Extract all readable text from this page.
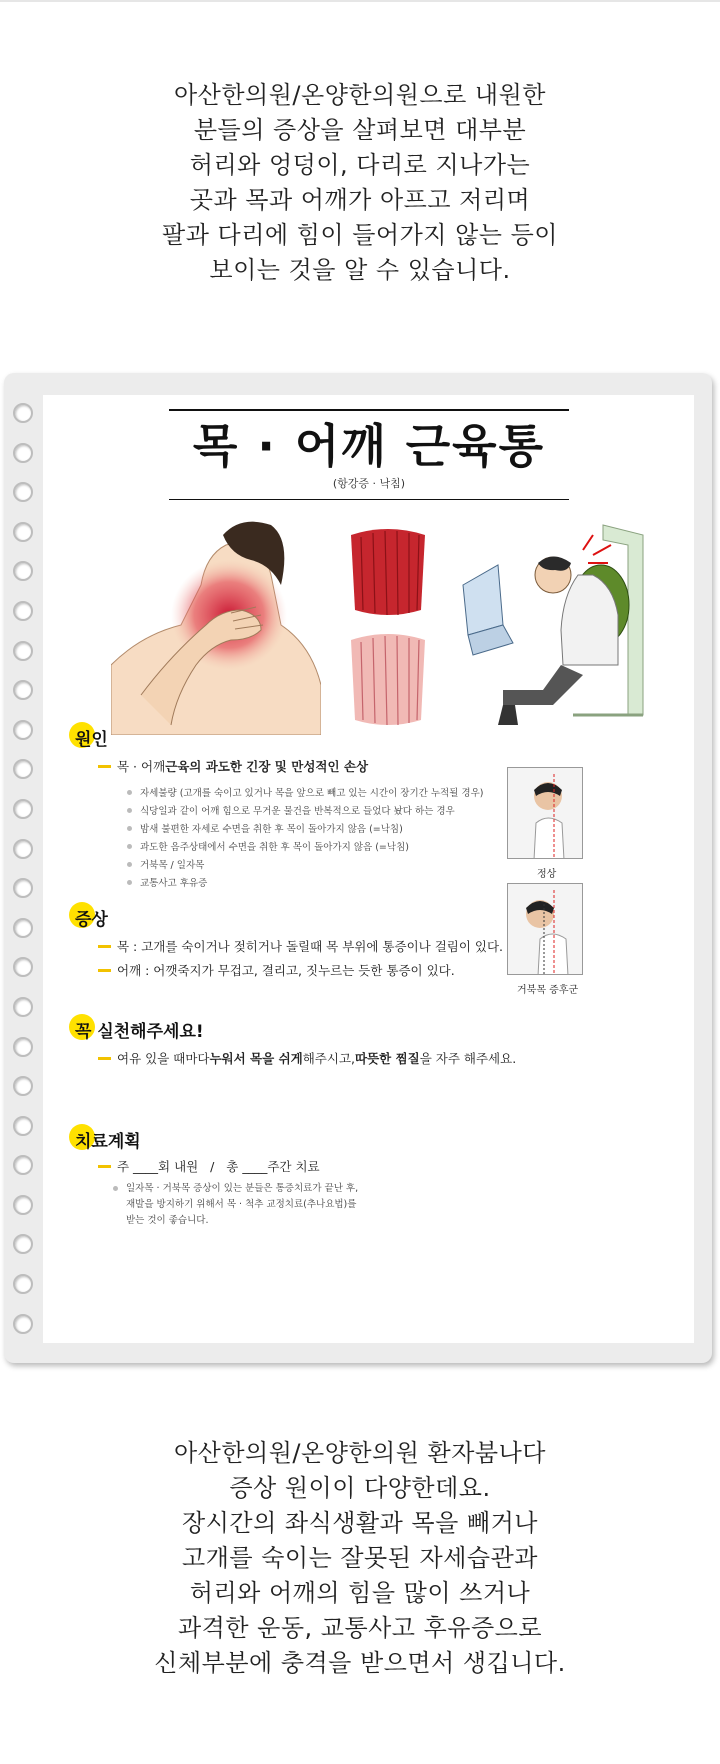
아산한의원/온양한의원으로 내원한
분들의 증상을 살펴보면 대부분
허리와 엉덩이, 다리로 지나가는
곳과 목과 어깨가 아프고 저리며
팔과 다리에 힘이 들어가지 않는 등이
보이는 것을 알 수 있습니다.
목 · 어깨 근육통
(항강증 · 낙침)
원인
목 · 어깨 근육의 과도한 긴장 및 만성적인 손상
자세불량 (고개를 숙이고 있거나 목을 앞으로 빼고 있는 시간이 장기간 누적될 경우)
식당일과 같이 어깨 힘으로 무거운 물건을 반복적으로 들었다 놨다 하는 경우
밤새 불편한 자세로 수면을 취한 후 목이 돌아가지 않음 (=낙침)
과도한 음주상태에서 수면을 취한 후 목이 돌아가지 않음 (=낙침)
거북목 / 일자목
교통사고 후유증
정상
거북목 증후군
증상
목 : 고개를 숙이거나 젖히거나 돌릴때 목 부위에 통증이나 걸림이 있다.
어깨 : 어깻죽지가 무겁고, 결리고, 짓누르는 듯한 통증이 있다.
꼭 실천해주세요!
여유 있을 때마다 누워서 목을 쉬게 해주시고, 따뜻한 찜질 을 자주 해주세요.
치료계획
주 ____회 내원   /   총 ____주간 치료
일자목 · 거북목 증상이 있는 분들은 통증치료가 끝난 후,
재발을 방지하기 위해서 목 · 척추 교정치료(추나요법)를
받는 것이 좋습니다.
아산한의원/온양한의원 환자붐나다
증상 원이이 다양한데요.
장시간의 좌식생활과 목을 빼거나
고개를 숙이는 잘못된 자세습관과
허리와 어깨의 힘을 많이 쓰거나
과격한 운동, 교통사고 후유증으로
신체부분에 충격을 받으면서 생깁니다.
